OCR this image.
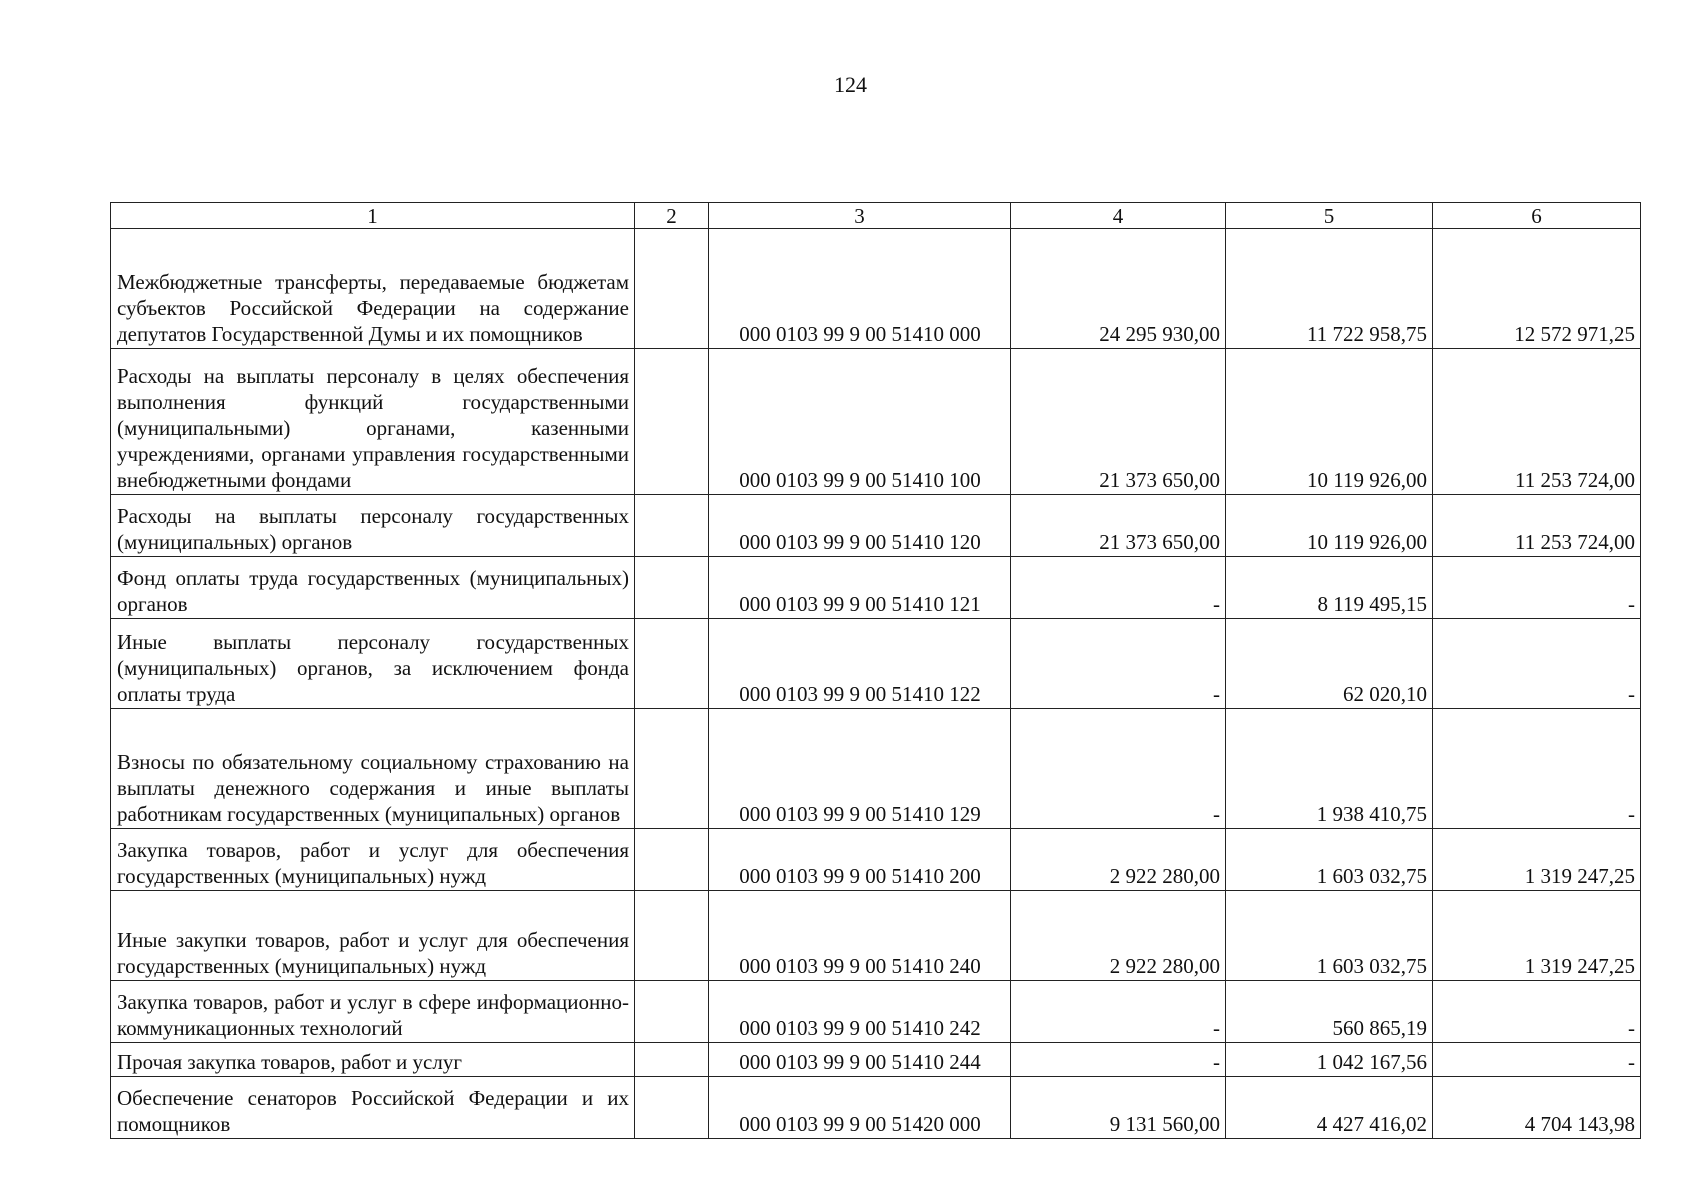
124
1	2	3	4	5	6
Межбюджетные трансферты, передаваемые бюджетам субъектов Российской Федерации на содержание депутатов Государственной Думы и их помощников		000 0103 99 9 00 51410 000	24 295 930,00	11 722 958,75	12 572 971,25
Расходы на выплаты персоналу в целях обеспечения выполнения функций государственными (муниципальными) органами, казенными учреждениями, органами управления государственными внебюджетными фондами		000 0103 99 9 00 51410 100	21 373 650,00	10 119 926,00	11 253 724,00
Расходы на выплаты персоналу государственных (муниципальных) органов		000 0103 99 9 00 51410 120	21 373 650,00	10 119 926,00	11 253 724,00
Фонд оплаты труда государственных (муниципальных) органов		000 0103 99 9 00 51410 121	-	8 119 495,15	-
Иные выплаты персоналу государственных (муниципальных) органов, за исключением фонда оплаты труда		000 0103 99 9 00 51410 122	-	62 020,10	-
Взносы по обязательному социальному страхованию на выплаты денежного содержания и иные выплаты работникам государственных (муниципальных) органов		000 0103 99 9 00 51410 129	-	1 938 410,75	-
Закупка товаров, работ и услуг для обеспечения государственных (муниципальных) нужд		000 0103 99 9 00 51410 200	2 922 280,00	1 603 032,75	1 319 247,25
Иные закупки товаров, работ и услуг для обеспечения государственных (муниципальных) нужд		000 0103 99 9 00 51410 240	2 922 280,00	1 603 032,75	1 319 247,25
Закупка товаров, работ и услуг в сфере информационно-коммуникационных технологий		000 0103 99 9 00 51410 242	-	560 865,19	-
Прочая закупка товаров, работ и услуг		000 0103 99 9 00 51410 244	-	1 042 167,56	-
Обеспечение сенаторов Российской Федерации и их помощников		000 0103 99 9 00 51420 000	9 131 560,00	4 427 416,02	4 704 143,98
